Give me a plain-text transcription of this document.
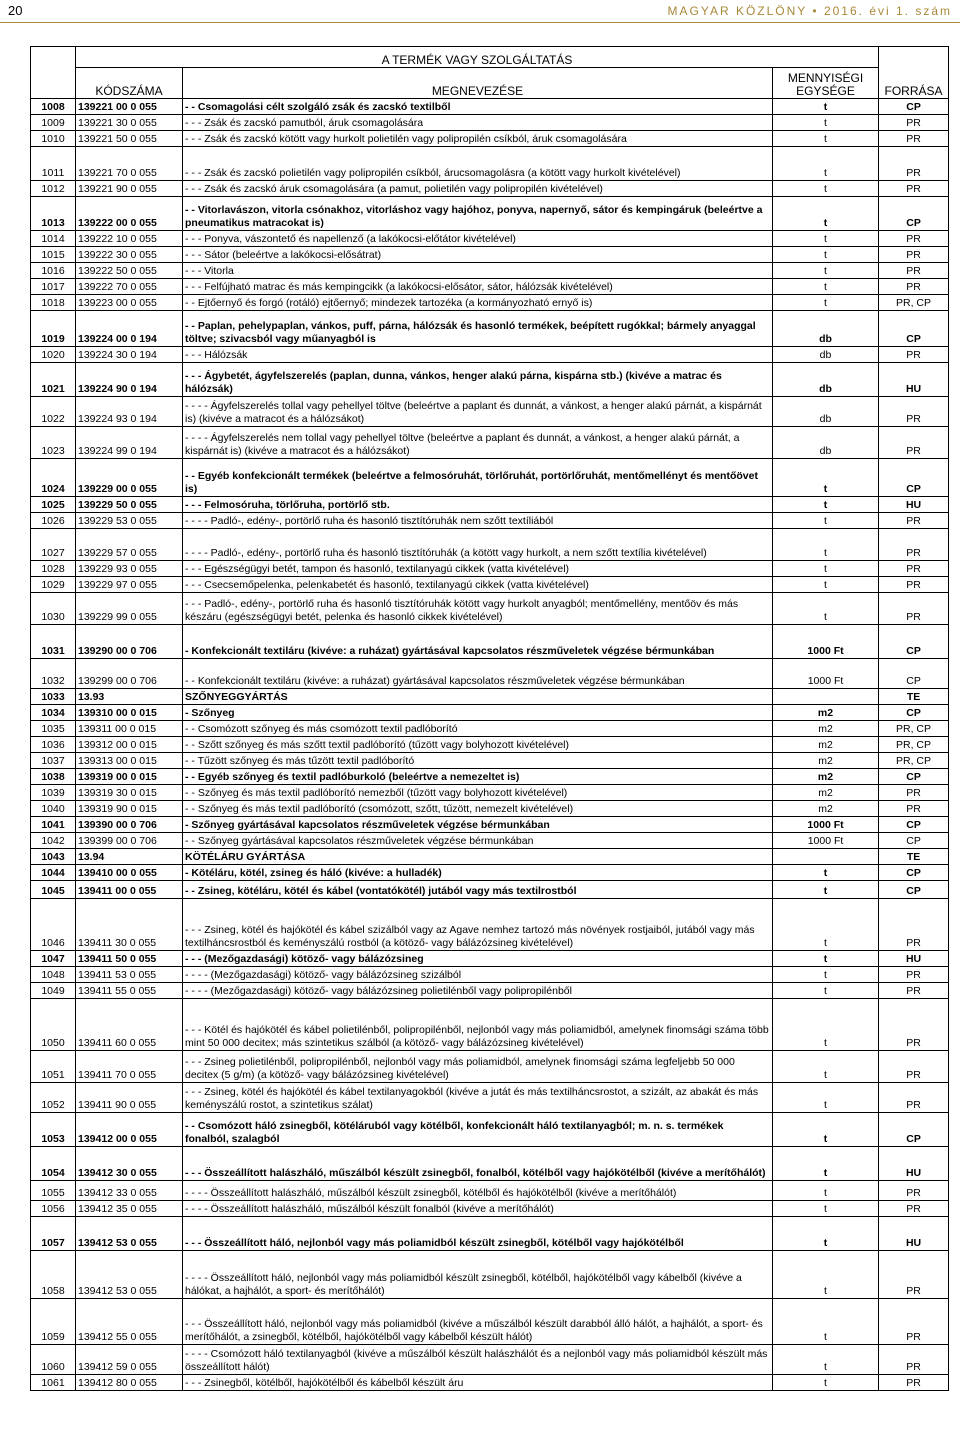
20	MAGYAR KÖZLÖNY • 2016. évi 1. szám
	A TERMÉK VAGY SZOLGÁLTATÁS			FORRÁSA
	KÓDSZÁMA	MEGNEVEZÉSE	MENNYISÉGI EGYSÉGE	
1008	139221 00 0 055	- - Csomagolási célt szolgáló zsák és zacskó textilből	t	CP
1009	139221 30 0 055	- - - Zsák és zacskó pamutból, áruk csomagolására	t	PR
1010	139221 50 0 055	- - - Zsák és zacskó kötött vagy hurkolt polietilén vagy polipropilén csíkból, áruk csomagolására	t	PR
1011	139221 70 0 055	- - - Zsák és zacskó polietilén vagy polipropilén csíkból, árucsomagolásra (a kötött vagy hurkolt kivételével)	t	PR
1012	139221 90 0 055	- - - Zsák és zacskó áruk csomagolására (a pamut, polietilén vagy polipropilén kivételével)	t	PR
1013	139222 00 0 055	- - Vitorlavászon, vitorla csónakhoz, vitorláshoz vagy hajóhoz, ponyva, napernyő, sátor és kempingáruk (beleértve a pneumatikus matracokat is)	t	CP
1014	139222 10 0 055	- - - Ponyva, vászontető és napellenző (a lakókocsi-előtátor kivételével)	t	PR
1015	139222 30 0 055	- - - Sátor (beleértve a lakókocsi-elősátrat)	t	PR
1016	139222 50 0 055	- - - Vitorla	t	PR
1017	139222 70 0 055	- - - Felfújható matrac és más kempingcikk (a lakókocsi-elősátor, sátor, hálózsák kivételével)	t	PR
1018	139223 00 0 055	- - Ejtőernyő és forgó (rotáló) ejtőernyő; mindezek tartozéka (a kormányozható ernyő is)	t	PR, CP
1019	139224 00 0 194	- - Paplan, pehelypaplan, vánkos, puff, párna, hálózsák és hasonló termékek, beépített rugókkal; bármely anyaggal töltve; szivacsból vagy műanyagból is	db	CP
1020	139224 30 0 194	- - - Hálózsák	db	PR
1021	139224 90 0 194	- - - Ágybetét, ágyfelszerelés (paplan, dunna, vánkos, henger alakú párna, kispárna stb.) (kivéve a matrac és hálózsák)	db	HU
1022	139224 93 0 194	- - - - Ágyfelszerelés tollal vagy pehellyel töltve (beleértve a paplant és dunnát, a vánkost, a henger alakú párnát, a kispárnát is) (kivéve a matracot és a hálózsákot)	db	PR
1023	139224 99 0 194	- - - - Ágyfelszerelés nem tollal vagy pehellyel töltve (beleértve a paplant és dunnát, a vánkost, a henger alakú párnát, a kispárnát is) (kivéve a matracot és a hálózsákot)	db	PR
1024	139229 00 0 055	- - Egyéb konfekcionált termékek (beleértve a felmosóruhát, törlőruhát, portörlőruhát, mentőmellényt és mentőövet is)	t	CP
1025	139229 50 0 055	- - - Felmosóruha, törlőruha, portörlő stb.	t	HU
1026	139229 53 0 055	- - - - Padló-, edény-, portörlő ruha és hasonló tisztítóruhák nem szőtt textíliából	t	PR
1027	139229 57 0 055	- - - - Padló-, edény-, portörlő ruha és hasonló tisztítóruhák (a kötött vagy hurkolt, a nem szőtt textília kivételével)	t	PR
1028	139229 93 0 055	- - - Egészségügyi betét, tampon és hasonló, textilanyagú cikkek (vatta kivételével)	t	PR
1029	139229 97 0 055	- - - Csecsemőpelenka, pelenkabetét és hasonló, textilanyagú cikkek (vatta kivételével)	t	PR
1030	139229 99 0 055	- - - Padló-, edény-, portörlő ruha és hasonló tisztítóruhák kötött vagy hurkolt anyagból; mentőmellény, mentőöv és más készáru (egészségügyi betét, pelenka és hasonló cikkek kivételével)	t	PR
1031	139290 00 0 706	- Konfekcionált textiláru (kivéve: a ruházat) gyártásával kapcsolatos részműveletek végzése bérmunkában	1000 Ft	CP
1032	139299 00 0 706	- - Konfekcionált textiláru (kivéve: a ruházat) gyártásával kapcsolatos részműveletek végzése bérmunkában	1000 Ft	CP
1033	13.93	SZŐNYEGGYÁRTÁS		TE
1034	139310 00 0 015	- Szőnyeg	m2	CP
1035	139311 00 0 015	- - Csomózott szőnyeg és más csomózott textil padlóborító	m2	PR, CP
1036	139312 00 0 015	- - Szőtt szőnyeg és más szőtt textil padlóborító (tűzött vagy bolyhozott kivételével)	m2	PR, CP
1037	139313 00 0 015	- - Tűzött szőnyeg és más tűzött textil padlóborító	m2	PR, CP
1038	139319 00 0 015	- - Egyéb szőnyeg és textil padlóburkoló (beleértve a nemezeltet is)	m2	CP
1039	139319 30 0 015	- - Szőnyeg és más textil padlóborító nemezből (tűzött vagy bolyhozott kivételével)	m2	PR
1040	139319 90 0 015	- - Szőnyeg és más textil padlóborító (csomózott, szőtt, tűzött, nemezelt kivételével)	m2	PR
1041	139390 00 0 706	- Szőnyeg gyártásával kapcsolatos részműveletek végzése bérmunkában	1000 Ft	CP
1042	139399 00 0 706	- - Szőnyeg gyártásával kapcsolatos részműveletek végzése bérmunkában	1000 Ft	CP
1043	13.94	KÖTÉLÁRU GYÁRTÁSA		TE
1044	139410 00 0 055	- Kötéláru, kötél, zsineg és háló (kivéve: a hulladék)	t	CP
1045	139411 00 0 055	- - Zsineg, kötéláru, kötél és kábel (vontatókötél) jutából vagy más textilrostból	t	CP
1046	139411 30 0 055	- - - Zsineg, kötél és hajókötél és kábel szizálból vagy az Agave nemhez tartozó más növények rostjaiból, jutából vagy más textilháncsrostból és keményszálú rostból (a kötöző- vagy bálázózsineg kivételével)	t	PR
1047	139411 50 0 055	- - - (Mezőgazdasági) kötöző- vagy bálázózsineg	t	HU
1048	139411 53 0 055	- - - - (Mezőgazdasági) kötöző- vagy bálázózsineg szizálból	t	PR
1049	139411 55 0 055	- - - - (Mezőgazdasági) kötöző- vagy bálázózsineg polietilénből vagy polipropilénből	t	PR
1050	139411 60 0 055	- - - Kötél és hajókötél és kábel polietilénből, polipropilénből, nejlonból vagy más poliamidból, amelynek finomsági száma több mint 50 000 decitex; más szintetikus szálból (a kötöző- vagy bálázózsineg kivételével)	t	PR
1051	139411 70 0 055	- - - Zsineg polietilénből, polipropilénből, nejlonból vagy más poliamidból, amelynek finomsági száma legfeljebb 50 000 decitex (5 g/m) (a kötöző- vagy bálázózsineg kivételével)	t	PR
1052	139411 90 0 055	- - - Zsineg, kötél és hajókötél és kábel textilanyagokból (kivéve a jutát és más textilháncsrostot, a szizált, az abakát és más keményszálú rostot, a szintetikus szálat)	t	PR
1053	139412 00 0 055	- - Csomózott háló zsinegből, kötéláruból vagy kötélből, konfekcionált háló textilanyagból; m. n. s. termékek fonalból, szalagból	t	CP
1054	139412 30 0 055	- - - Összeállított halászháló, műszálból készült zsinegből, fonalból, kötélből vagy hajókötélből (kivéve a merítőhálót)	t	HU
1055	139412 33 0 055	- - - - Összeállított halászháló, műszálból készült zsinegből, kötélből és hajókötélből (kivéve a merítőhálót)	t	PR
1056	139412 35 0 055	- - - - Összeállított halászháló, műszálból készült fonalból (kivéve a merítőhálót)	t	PR
1057	139412 53 0 055	- - - Összeállított háló, nejlonból vagy más poliamidból készült zsinegből, kötélből vagy hajókötélből	t	HU
1058	139412 53 0 055	- - - - Összeállított háló, nejlonból vagy más poliamidból készült zsinegből, kötélből, hajókötélből vagy kábelből (kivéve a hálókat, a hajhálót, a sport- és merítőhálót)	t	PR
1059	139412 55 0 055	- - - Összeállított háló, nejlonból vagy más poliamidból (kivéve a műszálból készült darabból álló hálót, a hajhálót, a sport- és merítőhálót, a zsinegből, kötélből, hajókötélből vagy kábelből készült hálót)	t	PR
1060	139412 59 0 055	- - - - Csomózott háló textilanyagból (kivéve a műszálból készült halászhálót és a nejlonból vagy más poliamidból készült más összeállított hálót)	t	PR
1061	139412 80 0 055	- - - Zsinegből, kötélből, hajókötélből és kábelből készült áru	t	PR
